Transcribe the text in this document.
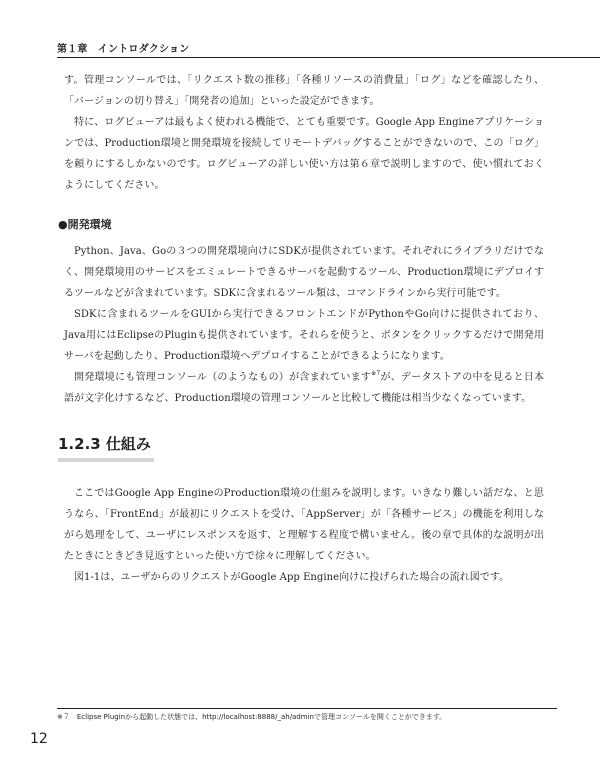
第１章　イントロダクション

す。管理コンソールでは、「リクエスト数の推移」「各種リソースの消費量」「ログ」などを確認したり、「バージョンの切り替え」「開発者の追加」といった設定ができます。

特に、ログビューアは最もよく使われる機能で、とても重要です。Google App Engineアプリケーションでは、Production環境と開発環境を接続してリモートデバッグすることができないので、この「ログ」を頼りにするしかないのです。ログビューアの詳しい使い方は第６章で説明しますので、使い慣れておくようにしてください。

●開発環境

Python、Java、Goの３つの開発環境向けにSDKが提供されています。それぞれにライブラリだけでなく、開発環境用のサービスをエミュレートできるサーバを起動するツール、Production環境にデプロイするツールなどが含まれています。SDKに含まれるツール類は、コマンドラインから実行可能です。

SDKに含まれるツールをGUIから実行できるフロントエンドがPythonやGo向けに提供されており、Java用にはEclipseのPluginも提供されています。それらを使うと、ボタンをクリックするだけで開発用サーバを起動したり、Production環境へデプロイすることができるようになります。

開発環境にも管理コンソール（のようなもの）が含まれています$^{※7}$が、データストアの中を見ると日本語が文字化けするなど、Production環境の管理コンソールと比較して機能は相当少なくなっています。

1.2.3 仕組み

ここではGoogle App EngineのProduction環境の仕組みを説明します。いきなり難しい話だな、と思うなら、「FrontEnd」が最初にリクエストを受け、「AppServer」が「各種サービス」の機能を利用しながら処理をして、ユーザにレスポンスを返す、と理解する程度で構いません。後の章で具体的な説明が出たときにときどき見返すといった使い方で徐々に理解してください。

図1-1は、ユーザからのリクエストがGoogle App Engine向けに投げられた場合の流れ図です。

※７　Eclipse Pluginから起動した状態では、http://localhost:8888/_ah/adminで管理コンソールを開くことができます。
12
